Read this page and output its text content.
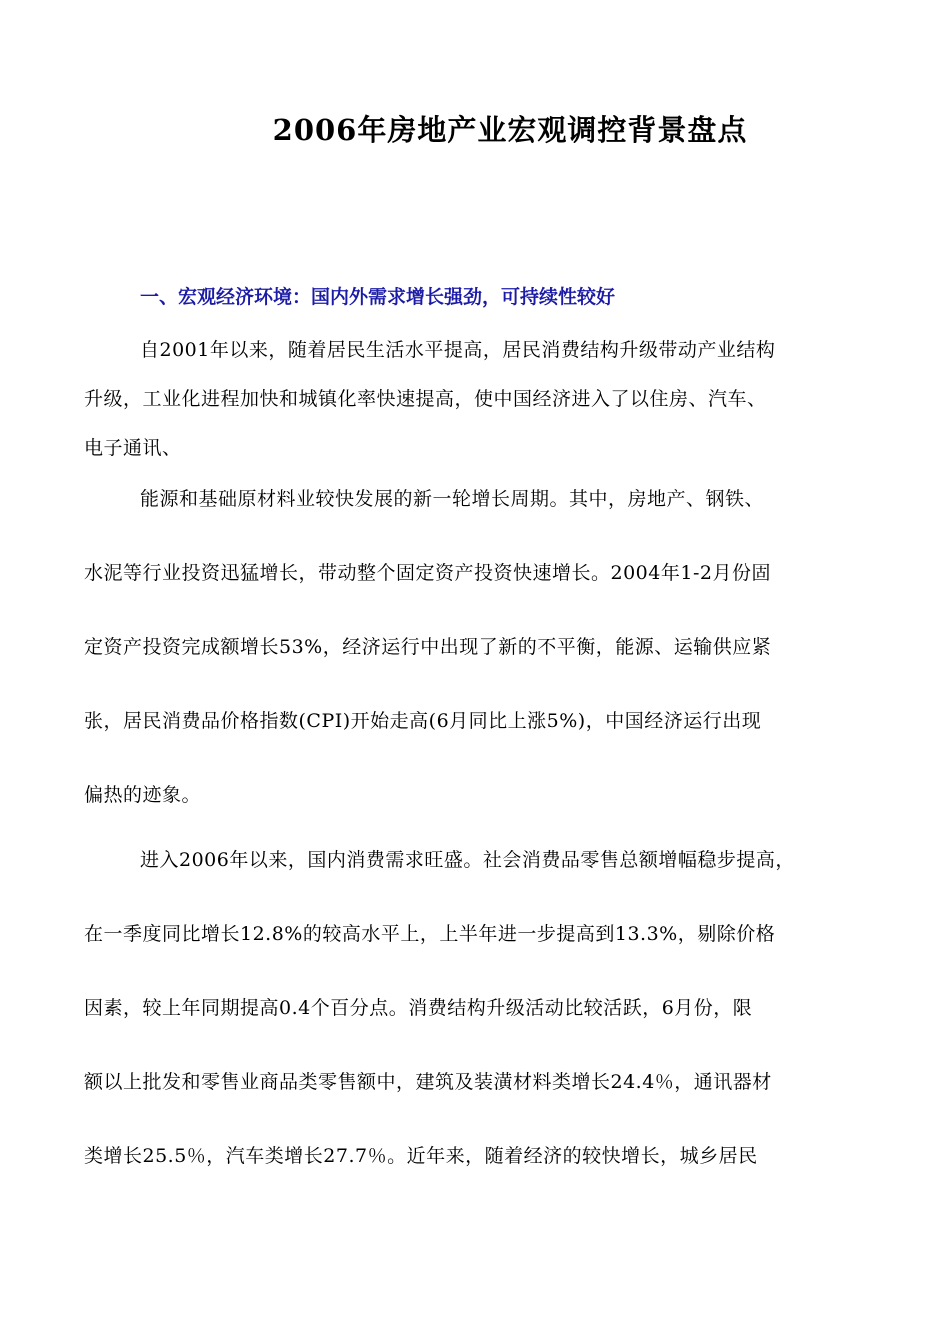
2006年房地产业宏观调控背景盘点
一、宏观经济环境：国内外需求增长强劲，可持续性较好
自2001年以来，随着居民生活水平提高，居民消费结构升级带动产业结构
升级，工业化进程加快和城镇化率快速提高，使中国经济进入了以住房、汽车、
电子通讯、
能源和基础原材料业较快发展的新一轮增长周期。其中，房地产、钢铁、
水泥等行业投资迅猛增长，带动整个固定资产投资快速增长。2004年1-2月份固
定资产投资完成额增长53%，经济运行中出现了新的不平衡，能源、运输供应紧
张，居民消费品价格指数(CPI)开始走高(6月同比上涨5%)，中国经济运行出现
偏热的迹象。
进入2006年以来，国内消费需求旺盛。社会消费品零售总额增幅稳步提高，
在一季度同比增长12.8%的较高水平上，上半年进一步提高到13.3%，剔除价格
因素，较上年同期提高0.4个百分点。消费结构升级活动比较活跃，6月份，限
额以上批发和零售业商品类零售额中，建筑及装潢材料类增长24.4％，通讯器材
类增长25.5％，汽车类增长27.7％。近年来，随着经济的较快增长，城乡居民
